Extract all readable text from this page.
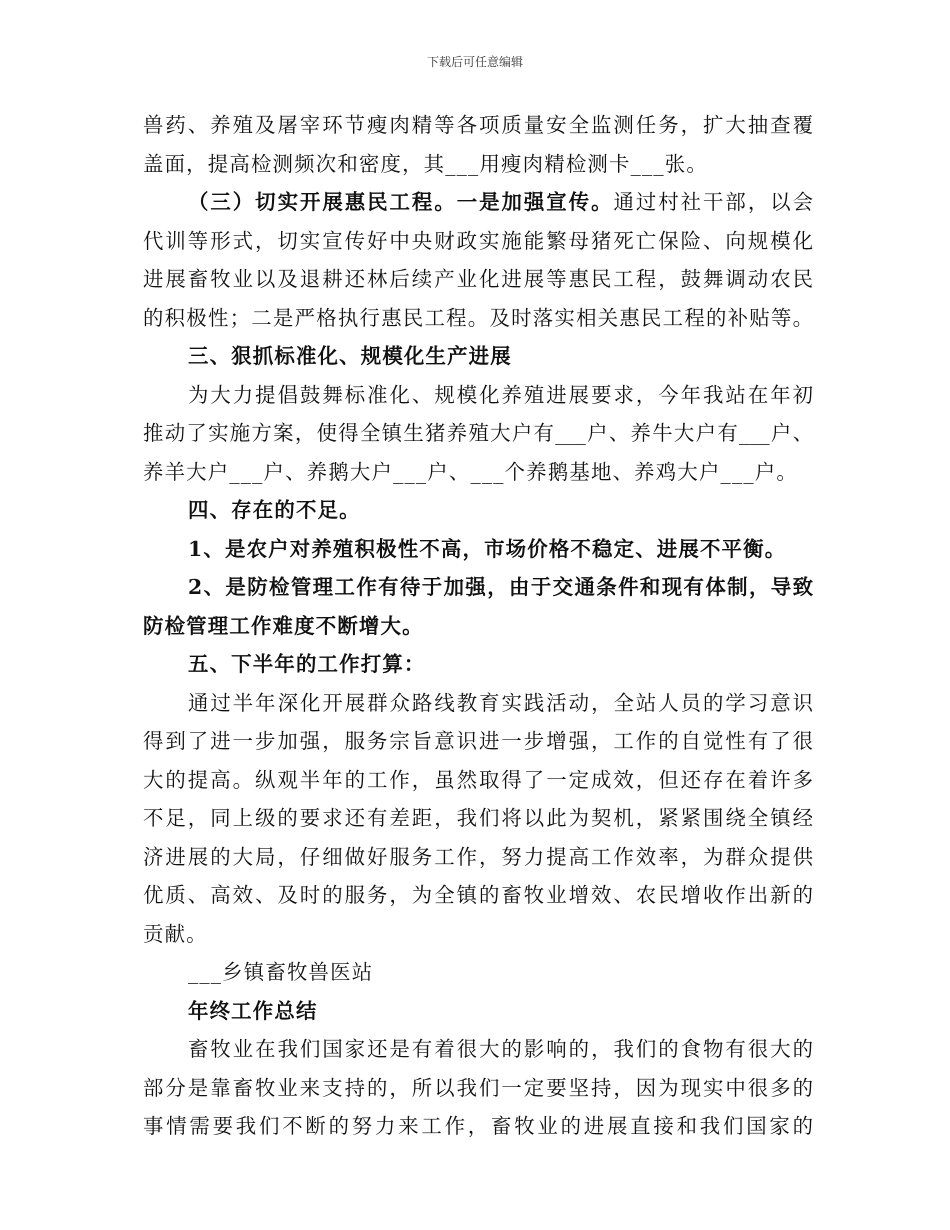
下载后可任意编辑
兽药、养殖及屠宰环节瘦肉精等各项质量安全监测任务，扩大抽查覆
盖面，提高检测频次和密度，其___用瘦肉精检测卡___张。
（三）切实开展惠民工程。一是加强宣传。通过村社干部，以会
代训等形式，切实宣传好中央财政实施能繁母猪死亡保险、向规模化
进展畜牧业以及退耕还林后续产业化进展等惠民工程，鼓舞调动农民
的积极性；二是严格执行惠民工程。及时落实相关惠民工程的补贴等。
三、狠抓标准化、规模化生产进展
为大力提倡鼓舞标准化、规模化养殖进展要求，今年我站在年初
推动了实施方案，使得全镇生猪养殖大户有___户、养牛大户有___户、
养羊大户___户、养鹅大户___户、___个养鹅基地、养鸡大户___户。
四、存在的不足。
1、是农户对养殖积极性不高，市场价格不稳定、进展不平衡。
2、是防检管理工作有待于加强，由于交通条件和现有体制，导致
防检管理工作难度不断增大。
五、下半年的工作打算：
通过半年深化开展群众路线教育实践活动，全站人员的学习意识
得到了进一步加强，服务宗旨意识进一步增强，工作的自觉性有了很
大的提高。纵观半年的工作，虽然取得了一定成效，但还存在着许多
不足，同上级的要求还有差距，我们将以此为契机，紧紧围绕全镇经
济进展的大局，仔细做好服务工作，努力提高工作效率，为群众提供
优质、高效、及时的服务，为全镇的畜牧业增效、农民增收作出新的
贡献。
___乡镇畜牧兽医站
年终工作总结
畜牧业在我们国家还是有着很大的影响的，我们的食物有很大的
部分是靠畜牧业来支持的，所以我们一定要坚持，因为现实中很多的
事情需要我们不断的努力来工作，畜牧业的进展直接和我们国家的
